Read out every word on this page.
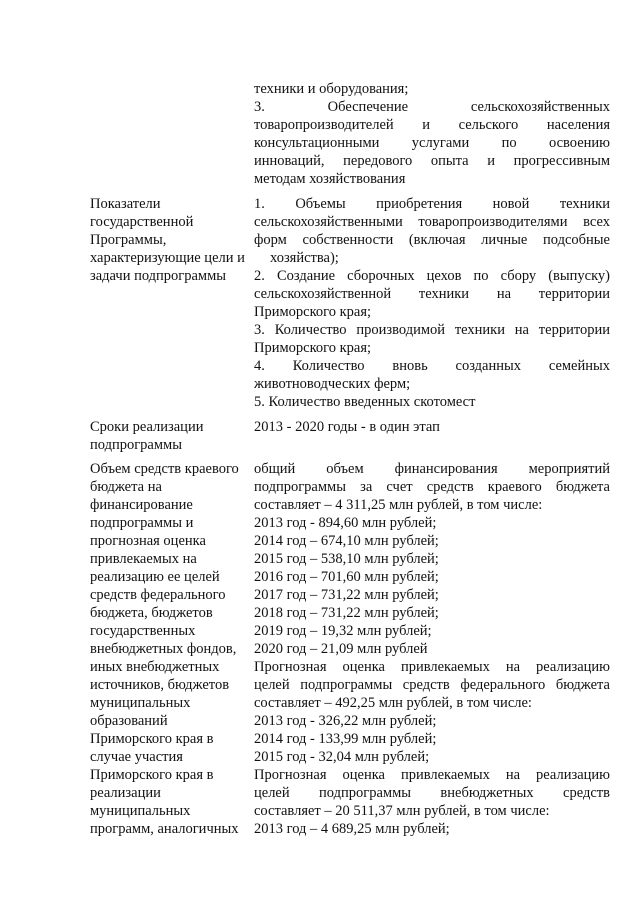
техники и оборудования;
3. Обеспечение сельскохозяйственных
товаропроизводителей и сельского населения
консультационными услугами по освоению
инноваций, передового опыта и прогрессивным
методам хозяйствования
Показатели
государственной
Программы,
характеризующие цели и
задачи подпрограммы
1. Объемы приобретения новой техники
сельскохозяйственными товаропроизводителями всех
форм собственности (включая личные подсобные
хозяйства);
2. Создание сборочных цехов по сбору (выпуску)
сельскохозяйственной техники на территории
Приморского края;
3. Количество производимой техники на территории
Приморского края;
4. Количество вновь созданных семейных
животноводческих ферм;
5. Количество введенных скотомест
Сроки реализации
подпрограммы
2013 - 2020 годы - в один этап
Объем средств краевого
бюджета на
финансирование
подпрограммы и
прогнозная оценка
привлекаемых на
реализацию ее целей
средств федерального
бюджета, бюджетов
государственных
внебюджетных фондов,
иных внебюджетных
источников, бюджетов
муниципальных
образований
Приморского края в
случае участия
Приморского края в
реализации
муниципальных
программ, аналогичных
общий объем финансирования мероприятий
подпрограммы за счет средств краевого бюджета
составляет – 4 311,25 млн рублей, в том числе:
2013 год - 894,60 млн рублей;
2014 год – 674,10 млн рублей;
2015 год – 538,10 млн рублей;
2016 год – 701,60 млн рублей;
2017 год – 731,22 млн рублей;
2018 год – 731,22 млн рублей;
2019 год – 19,32 млн рублей;
2020 год – 21,09 млн рублей
Прогнозная оценка привлекаемых на реализацию
целей подпрограммы средств федерального бюджета
составляет – 492,25 млн рублей, в том числе:
2013 год - 326,22 млн рублей;
2014 год - 133,99 млн рублей;
2015 год - 32,04 млн рублей;
Прогнозная оценка привлекаемых на реализацию
целей подпрограммы внебюджетных средств
составляет – 20 511,37 млн рублей, в том числе:
2013 год – 4 689,25 млн рублей;
